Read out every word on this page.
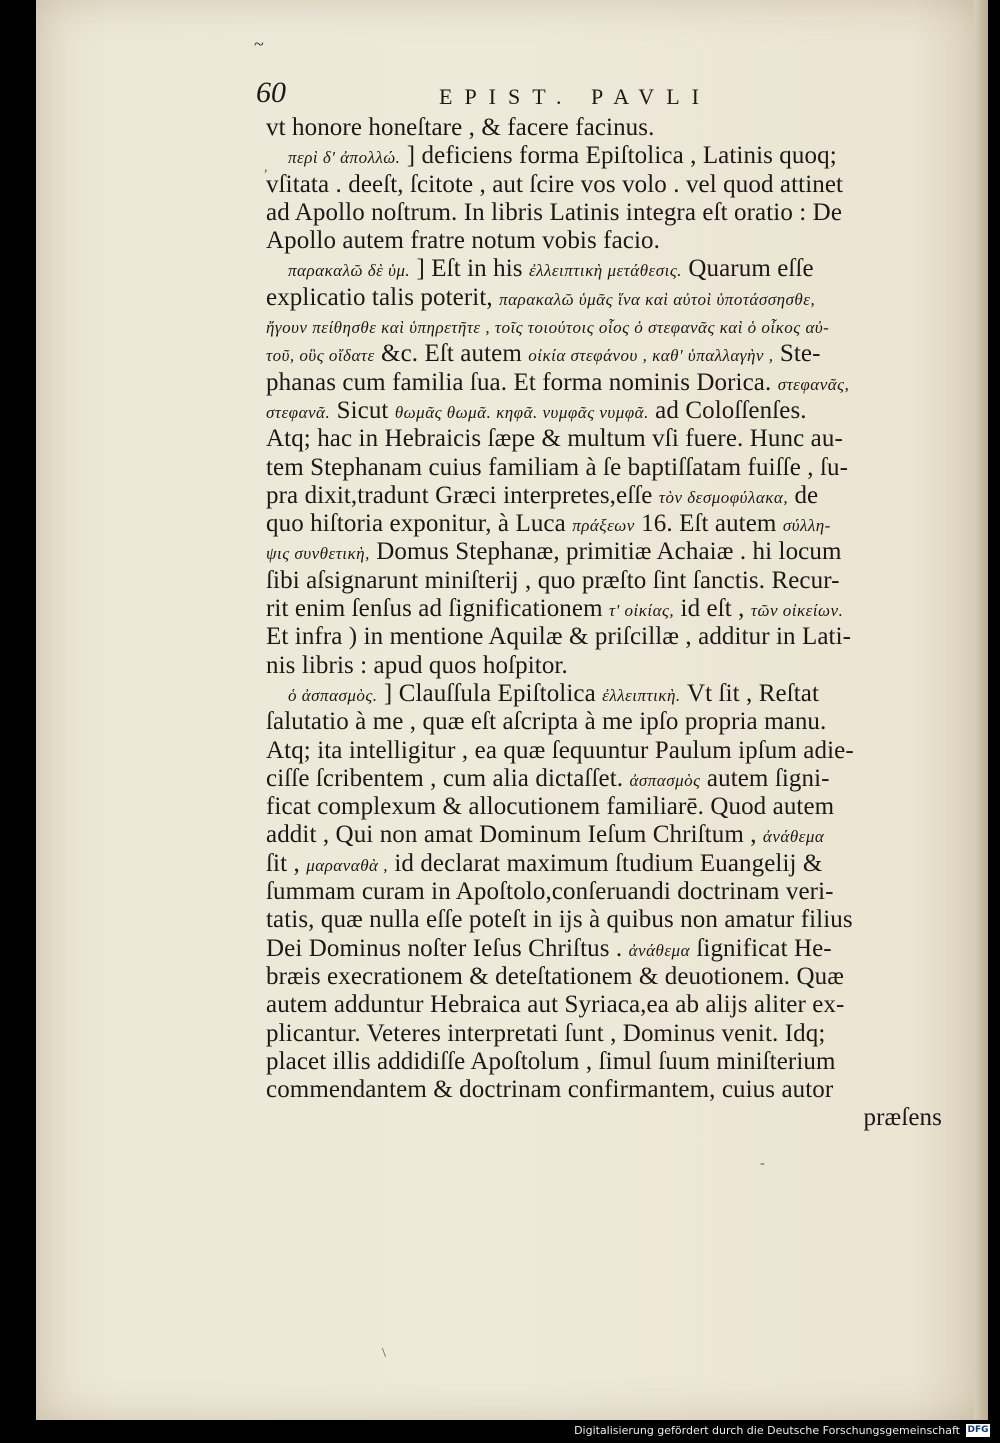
~
60	EPIST. PAVLI
vt honore honeſtare , & facere facinus.
περὶ δ' ἀπολλώ. ] deficiens forma Epiſtolica , Latinis quoq;
vſitata . deeſt, ſcitote , aut ſcire vos volo . vel quod attinet
ad Apollo noſtrum. In libris Latinis integra eſt oratio : De
Apollo autem fratre notum vobis facio.
παρακαλῶ δὲ ὑμ. ] Eſt in his ἐλλειπτικὴ μετάθεσις. Quarum eſſe
explicatio talis poterit, παρακαλῶ ὑμᾶς ἵνα καὶ αὐτοὶ ὑποτάσσησθε,
ἤγουν πείθησθε καὶ ὑπηρετῆτε , τοῖς τοιούτοις οἷος ὁ στεφανᾶς καὶ ὁ οἶκος αὐ-
τοῦ, οὓς οἴδατε &c. Eſt autem οἰκία στεφάνου , καθ' ὑπαλλαγὴν , Ste-
phanas cum familia ſua. Et forma nominis Dorica. στεφανᾶς,
στεφανᾶ. Sicut θωμᾶς θωμᾶ. κηφᾶ. νυμφᾶς νυμφᾶ. ad Coloſſenſes.
Atq; hac in Hebraicis ſæpe & multum vſi fuere. Hunc au-
tem Stephanam cuius familiam à ſe baptiſſatam fuiſſe , ſu-
pra dixit,tradunt Græci interpretes,eſſe τὸν δεσμοφύλακα, de
quo hiſtoria exponitur, à Luca πράξεων 16. Eſt autem σύλλη-
ψις συνθετικὴ, Domus Stephanæ, primitiæ Achaiæ . hi locum
ſibi aſsignarunt miniſterij , quo præſto ſint ſanctis. Recur-
rit enim ſenſus ad ſignificationem τ' οἰκίας, id eſt , τῶν οἰκείων.
Et infra ) in mentione Aquilæ & priſcillæ , additur in Lati-
nis libris : apud quos hoſpitor.
ὁ ἀσπασμὸς. ] Clauſſula Epiſtolica ἐλλειπτικὴ. Vt ſit , Reſtat
ſalutatio à me , quæ eſt aſcripta à me ipſo propria manu.
Atq; ita intelligitur , ea quæ ſequuntur Paulum ipſum adie-
ciſſe ſcribentem , cum alia dictaſſet. ἀσπασμὸς autem ſigni-
ficat complexum & allocutionem familiarē. Quod autem
addit , Qui non amat Dominum Ieſum Chriſtum , ἀνάθεμα
ſit , μαραναθὰ , id declarat maximum ſtudium Euangelij &
ſummam curam in Apoſtolo,conſeruandi doctrinam veri-
tatis, quæ nulla eſſe poteſt in ijs à quibus non amatur filius
Dei Dominus noſter Ieſus Chriſtus . ἀνάθεμα ſignificat He-
bræis execrationem & deteſtationem & deuotionem. Quæ
autem adduntur Hebraica aut Syriaca,ea ab alijs aliter ex-
plicantur. Veteres interpretati ſunt , Dominus venit. Idq;
placet illis addidiſſe Apoſtolum , ſimul ſuum miniſterium
commendantem & doctrinam confirmantem, cuius autor
præſens
,
-
\
Digitalisierung gefördert durch die Deutsche Forschungsgemeinschaft DFG
